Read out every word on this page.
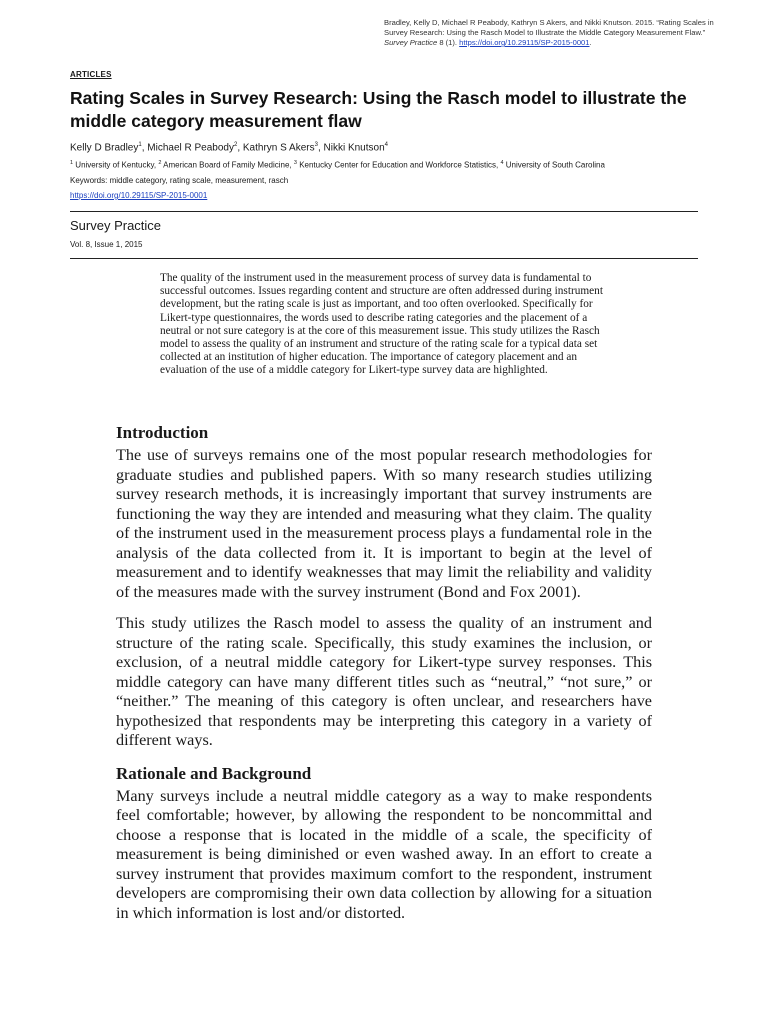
Bradley, Kelly D, Michael R Peabody, Kathryn S Akers, and Nikki Knutson. 2015. “Rating Scales in Survey Research: Using the Rasch Model to Illustrate the Middle Category Measurement Flaw.” Survey Practice 8 (1). https://doi.org/10.29115/SP-2015-0001.
ARTICLES
Rating Scales in Survey Research: Using the Rasch model to illustrate the middle category measurement flaw
Kelly D Bradley$^1$, Michael R Peabody$^2$, Kathryn S Akers$^3$, Nikki Knutson$^4$
$^1$ University of Kentucky, $^2$ American Board of Family Medicine, $^3$ Kentucky Center for Education and Workforce Statistics, $^4$ University of South Carolina
Keywords: middle category, rating scale, measurement, rasch
https://doi.org/10.29115/SP-2015-0001
Survey Practice
Vol. 8, Issue 1, 2015

The quality of the instrument used in the measurement process of survey data is fundamental to successful outcomes. Issues regarding content and structure are often addressed during instrument development, but the rating scale is just as important, and too often overlooked. Specifically for Likert-type questionnaires, the words used to describe rating categories and the placement of a neutral or not sure category is at the core of this measurement issue. This study utilizes the Rasch model to assess the quality of an instrument and structure of the rating scale for a typical data set collected at an institution of higher education. The importance of category placement and an evaluation of the use of a middle category for Likert-type survey data are highlighted.

Introduction

The use of surveys remains one of the most popular research methodologies for graduate studies and published papers. With so many research studies utilizing survey research methods, it is increasingly important that survey instruments are functioning the way they are intended and measuring what they claim. The quality of the instrument used in the measurement process plays a fundamental role in the analysis of the data collected from it. It is important to begin at the level of measurement and to identify weaknesses that may limit the reliability and validity of the measures made with the survey instrument (Bond and Fox 2001).

This study utilizes the Rasch model to assess the quality of an instrument and structure of the rating scale. Specifically, this study examines the inclusion, or exclusion, of a neutral middle category for Likert-type survey responses. This middle category can have many different titles such as “neutral,” “not sure,” or “neither.” The meaning of this category is often unclear, and researchers have hypothesized that respondents may be interpreting this category in a variety of different ways.

Rationale and Background

Many surveys include a neutral middle category as a way to make respondents feel comfortable; however, by allowing the respondent to be noncommittal and choose a response that is located in the middle of a scale, the specificity of measurement is being diminished or even washed away. In an effort to create a survey instrument that provides maximum comfort to the respondent, instrument developers are compromising their own data collection by allowing for a situation in which information is lost and/or distorted.
